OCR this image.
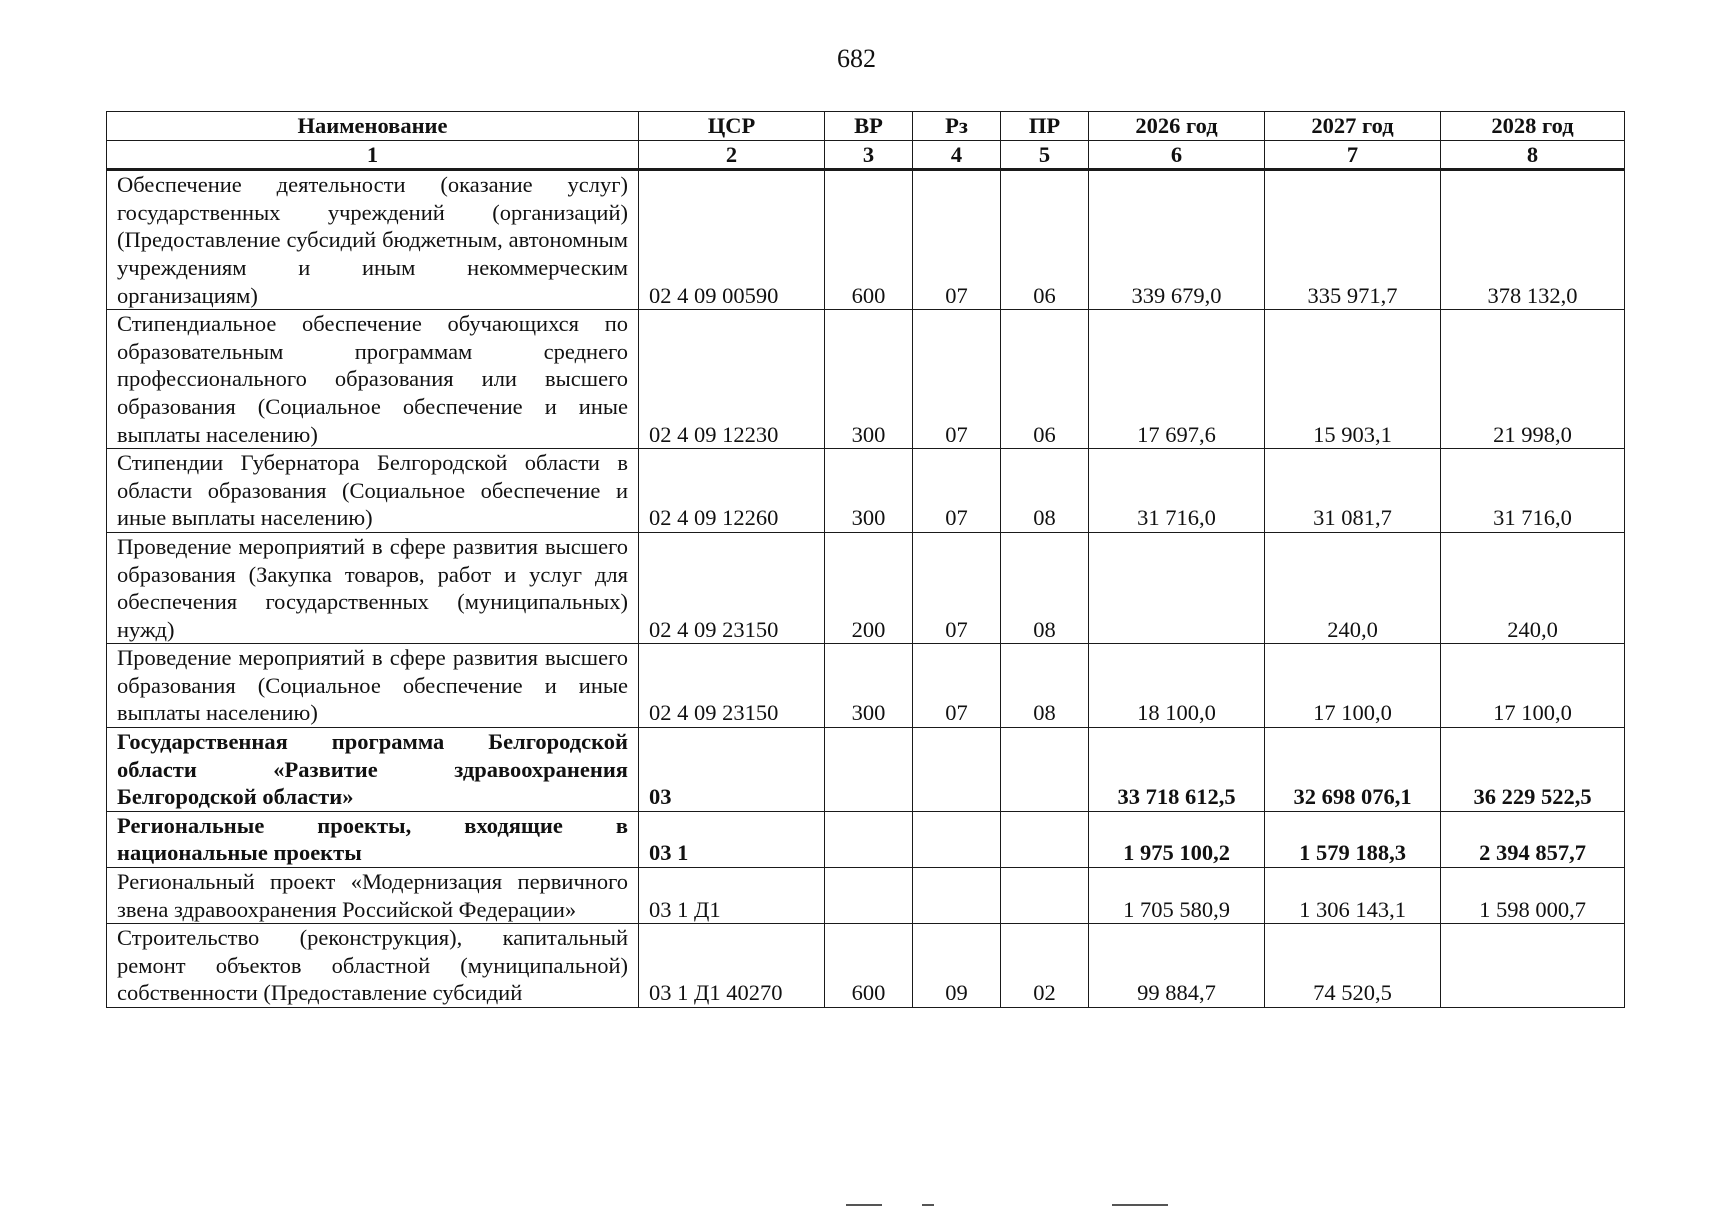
682
Наименование	ЦСР	ВР	Рз	ПР	2026 год	2027 год	2028 год
1	2	3	4	5	6	7	8
Обеспечение деятельности (оказание услуг) государственных учреждений (организаций) (Предоставление субсидий бюджетным, автономным учреждениям и иным некоммерческим организациям)	02 4 09 00590	600	07	06	339 679,0	335 971,7	378 132,0
Стипендиальное обеспечение обучающихся по образовательным программам среднего профессионального образования или высшего образования (Социальное обеспечение и иные выплаты населению)	02 4 09 12230	300	07	06	17 697,6	15 903,1	21 998,0
Стипендии Губернатора Белгородской области в области образования (Социальное обеспечение и иные выплаты населению)	02 4 09 12260	300	07	08	31 716,0	31 081,7	31 716,0
Проведение мероприятий в сфере развития высшего образования (Закупка товаров, работ и услуг для обеспечения государственных (муниципальных) нужд)	02 4 09 23150	200	07	08		240,0	240,0
Проведение мероприятий в сфере развития высшего образования (Социальное обеспечение и иные выплаты населению)	02 4 09 23150	300	07	08	18 100,0	17 100,0	17 100,0
Государственная программа Белгородской области «Развитие здравоохранения Белгородской области»	03				33 718 612,5	32 698 076,1	36 229 522,5
Региональные проекты, входящие в национальные проекты	03 1				1 975 100,2	1 579 188,3	2 394 857,7
Региональный проект «Модернизация первичного звена здравоохранения Российской Федерации»	03 1 Д1				1 705 580,9	1 306 143,1	1 598 000,7
Строительство (реконструкция), капитальный ремонт объектов областной (муниципальной) собственности (Предоставление субсидий	03 1 Д1 40270	600	09	02	99 884,7	74 520,5	
